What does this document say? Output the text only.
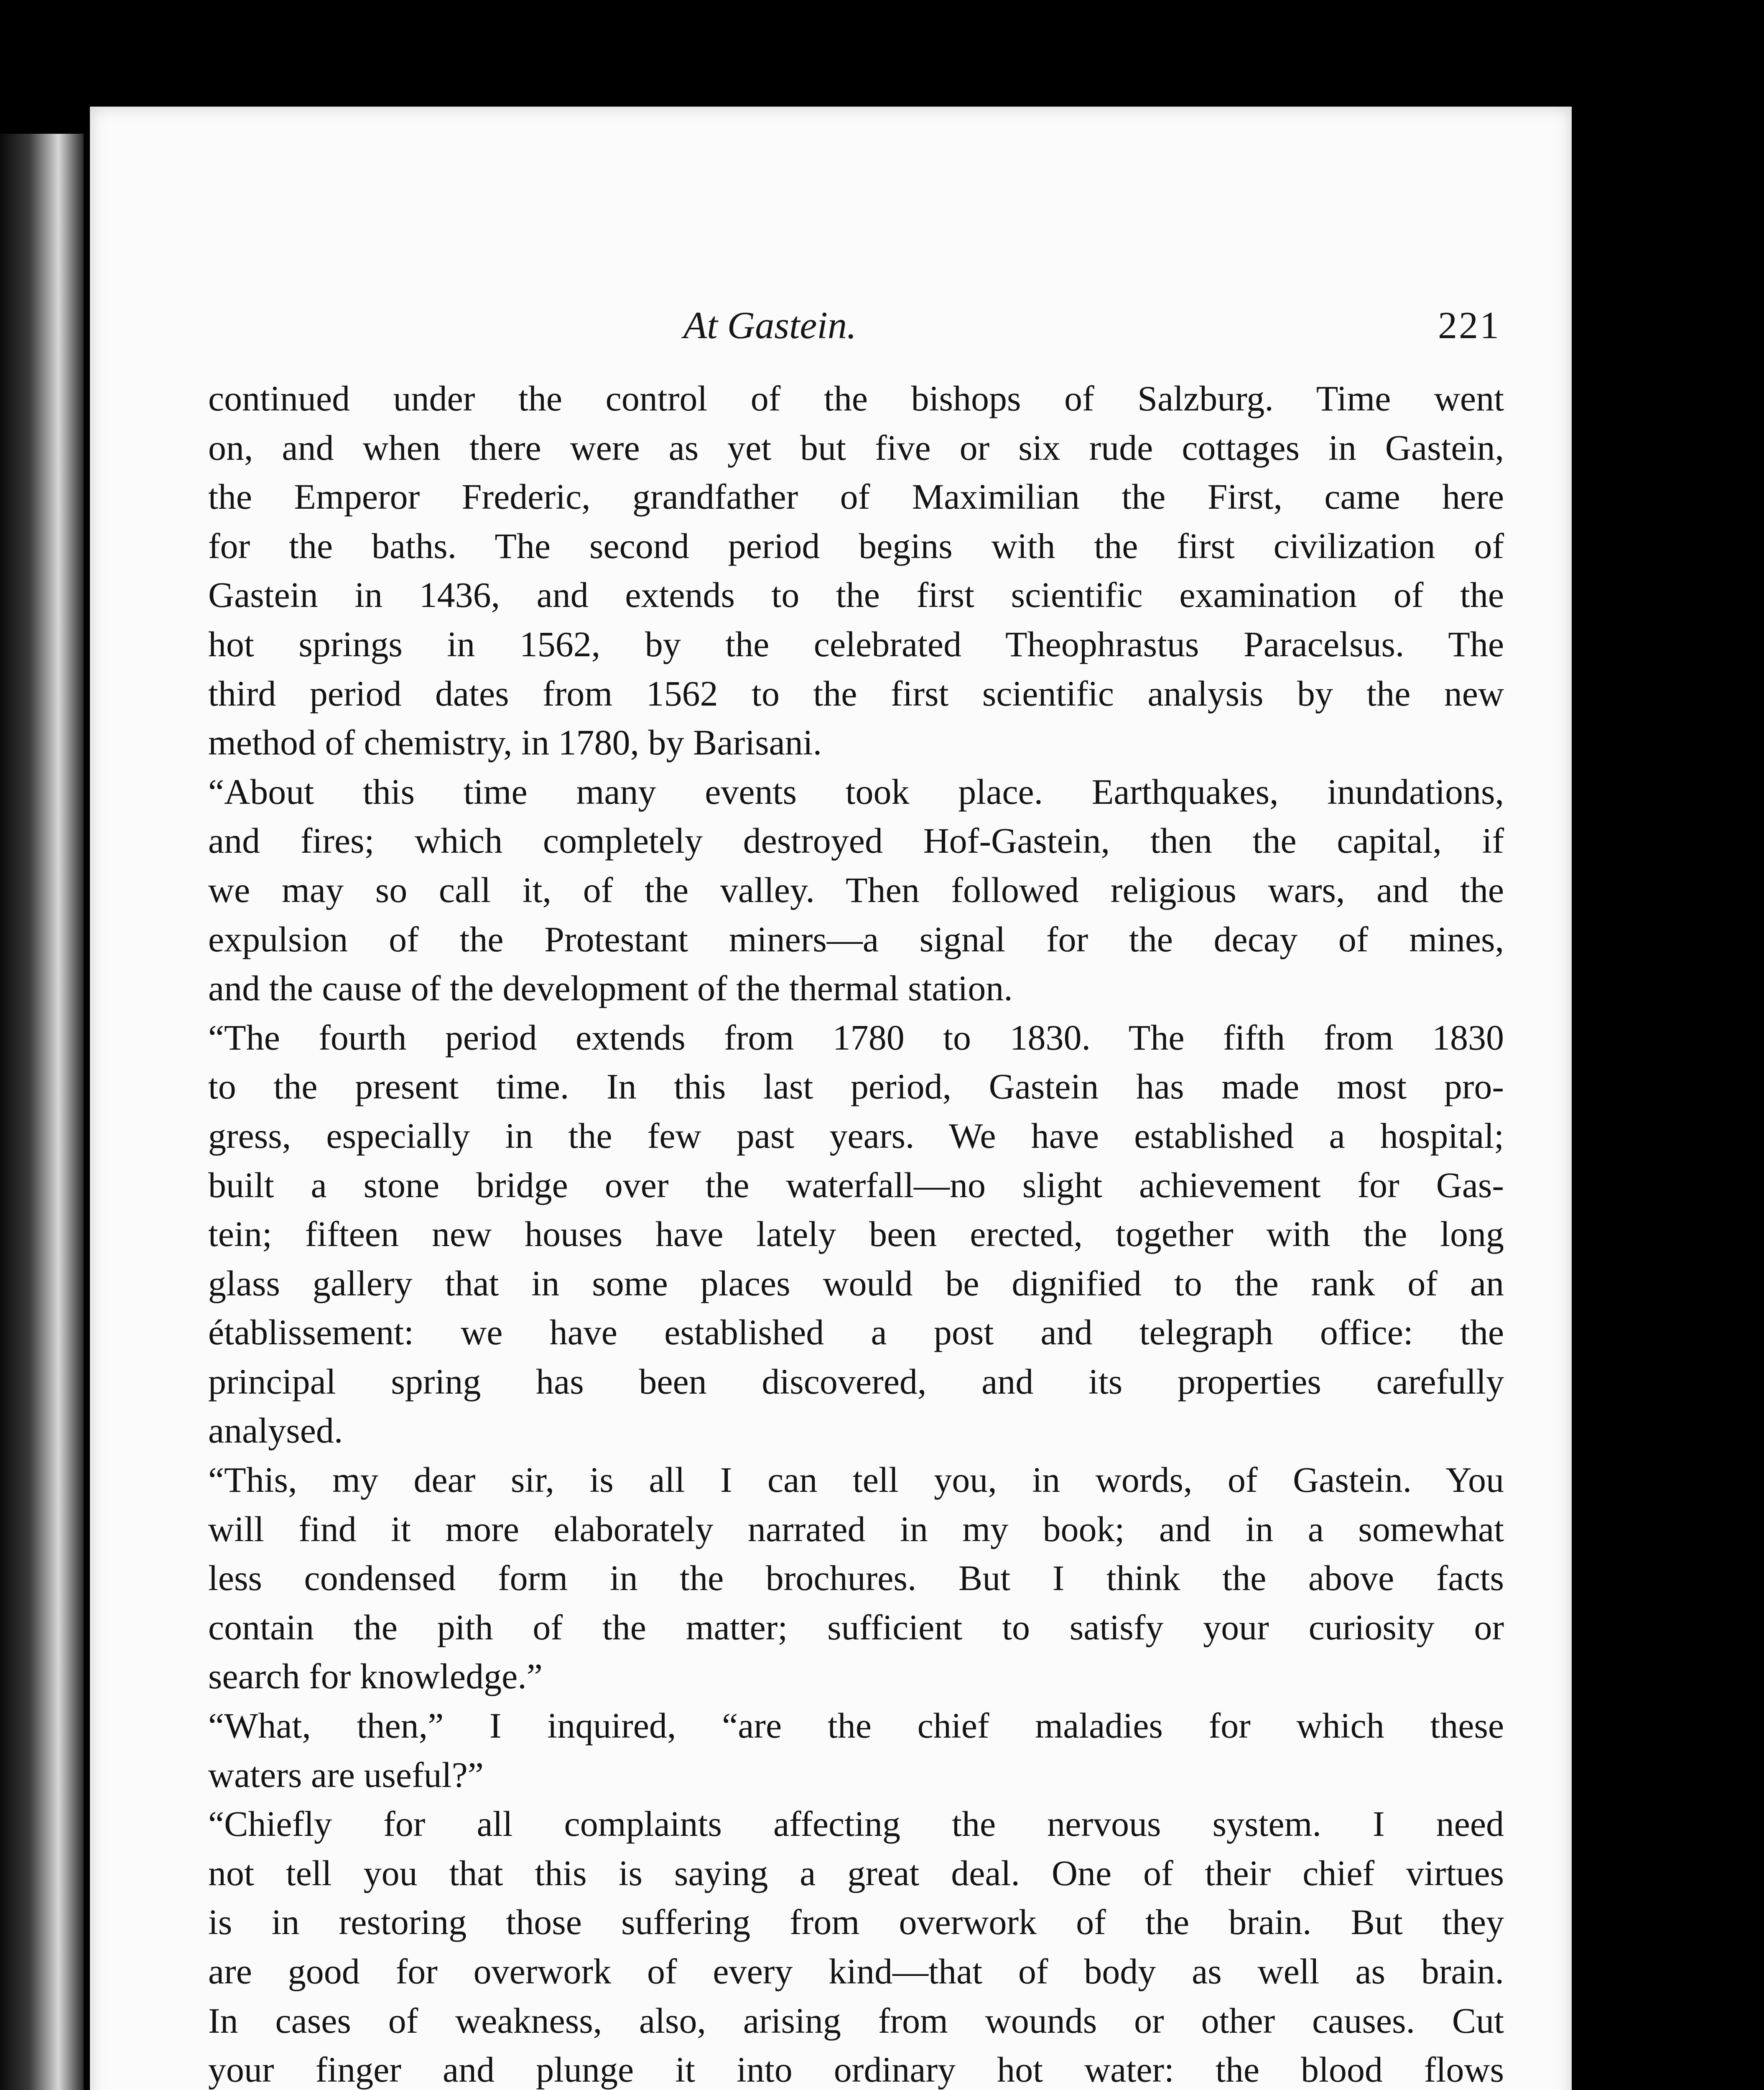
At Gastein.	221
continued under the control of the bishops of Salzburg. Time went
on, and when there were as yet but five or six rude cottages in Gastein,
the Emperor Frederic, grandfather of Maximilian the First, came here
for the baths. The second period begins with the first civilization of
Gastein in 1436, and extends to the first scientific examination of the
hot springs in 1562, by the celebrated Theophrastus Paracelsus. The
third period dates from 1562 to the first scientific analysis by the new
method of chemistry, in 1780, by Barisani.
“About this time many events took place. Earthquakes, inundations,
and fires; which completely destroyed Hof-Gastein, then the capital, if
we may so call it, of the valley. Then followed religious wars, and the
expulsion of the Protestant miners—a signal for the decay of mines,
and the cause of the development of the thermal station.
“The fourth period extends from 1780 to 1830. The fifth from 1830
to the present time. In this last period, Gastein has made most pro-
gress, especially in the few past years. We have established a hospital;
built a stone bridge over the waterfall—no slight achievement for Gas-
tein; fifteen new houses have lately been erected, together with the long
glass gallery that in some places would be dignified to the rank of an
établissement: we have established a post and telegraph office: the
principal spring has been discovered, and its properties carefully
analysed.
“This, my dear sir, is all I can tell you, in words, of Gastein. You
will find it more elaborately narrated in my book; and in a somewhat
less condensed form in the brochures. But I think the above facts
contain the pith of the matter; sufficient to satisfy your curiosity or
search for knowledge.”
“What, then,” I inquired, “are the chief maladies for which these
waters are useful?”
“Chiefly for all complaints affecting the nervous system. I need
not tell you that this is saying a great deal. One of their chief virtues
is in restoring those suffering from overwork of the brain. But they
are good for overwork of every kind—that of body as well as brain.
In cases of weakness, also, arising from wounds or other causes. Cut
your finger and plunge it into ordinary hot water: the blood flows
